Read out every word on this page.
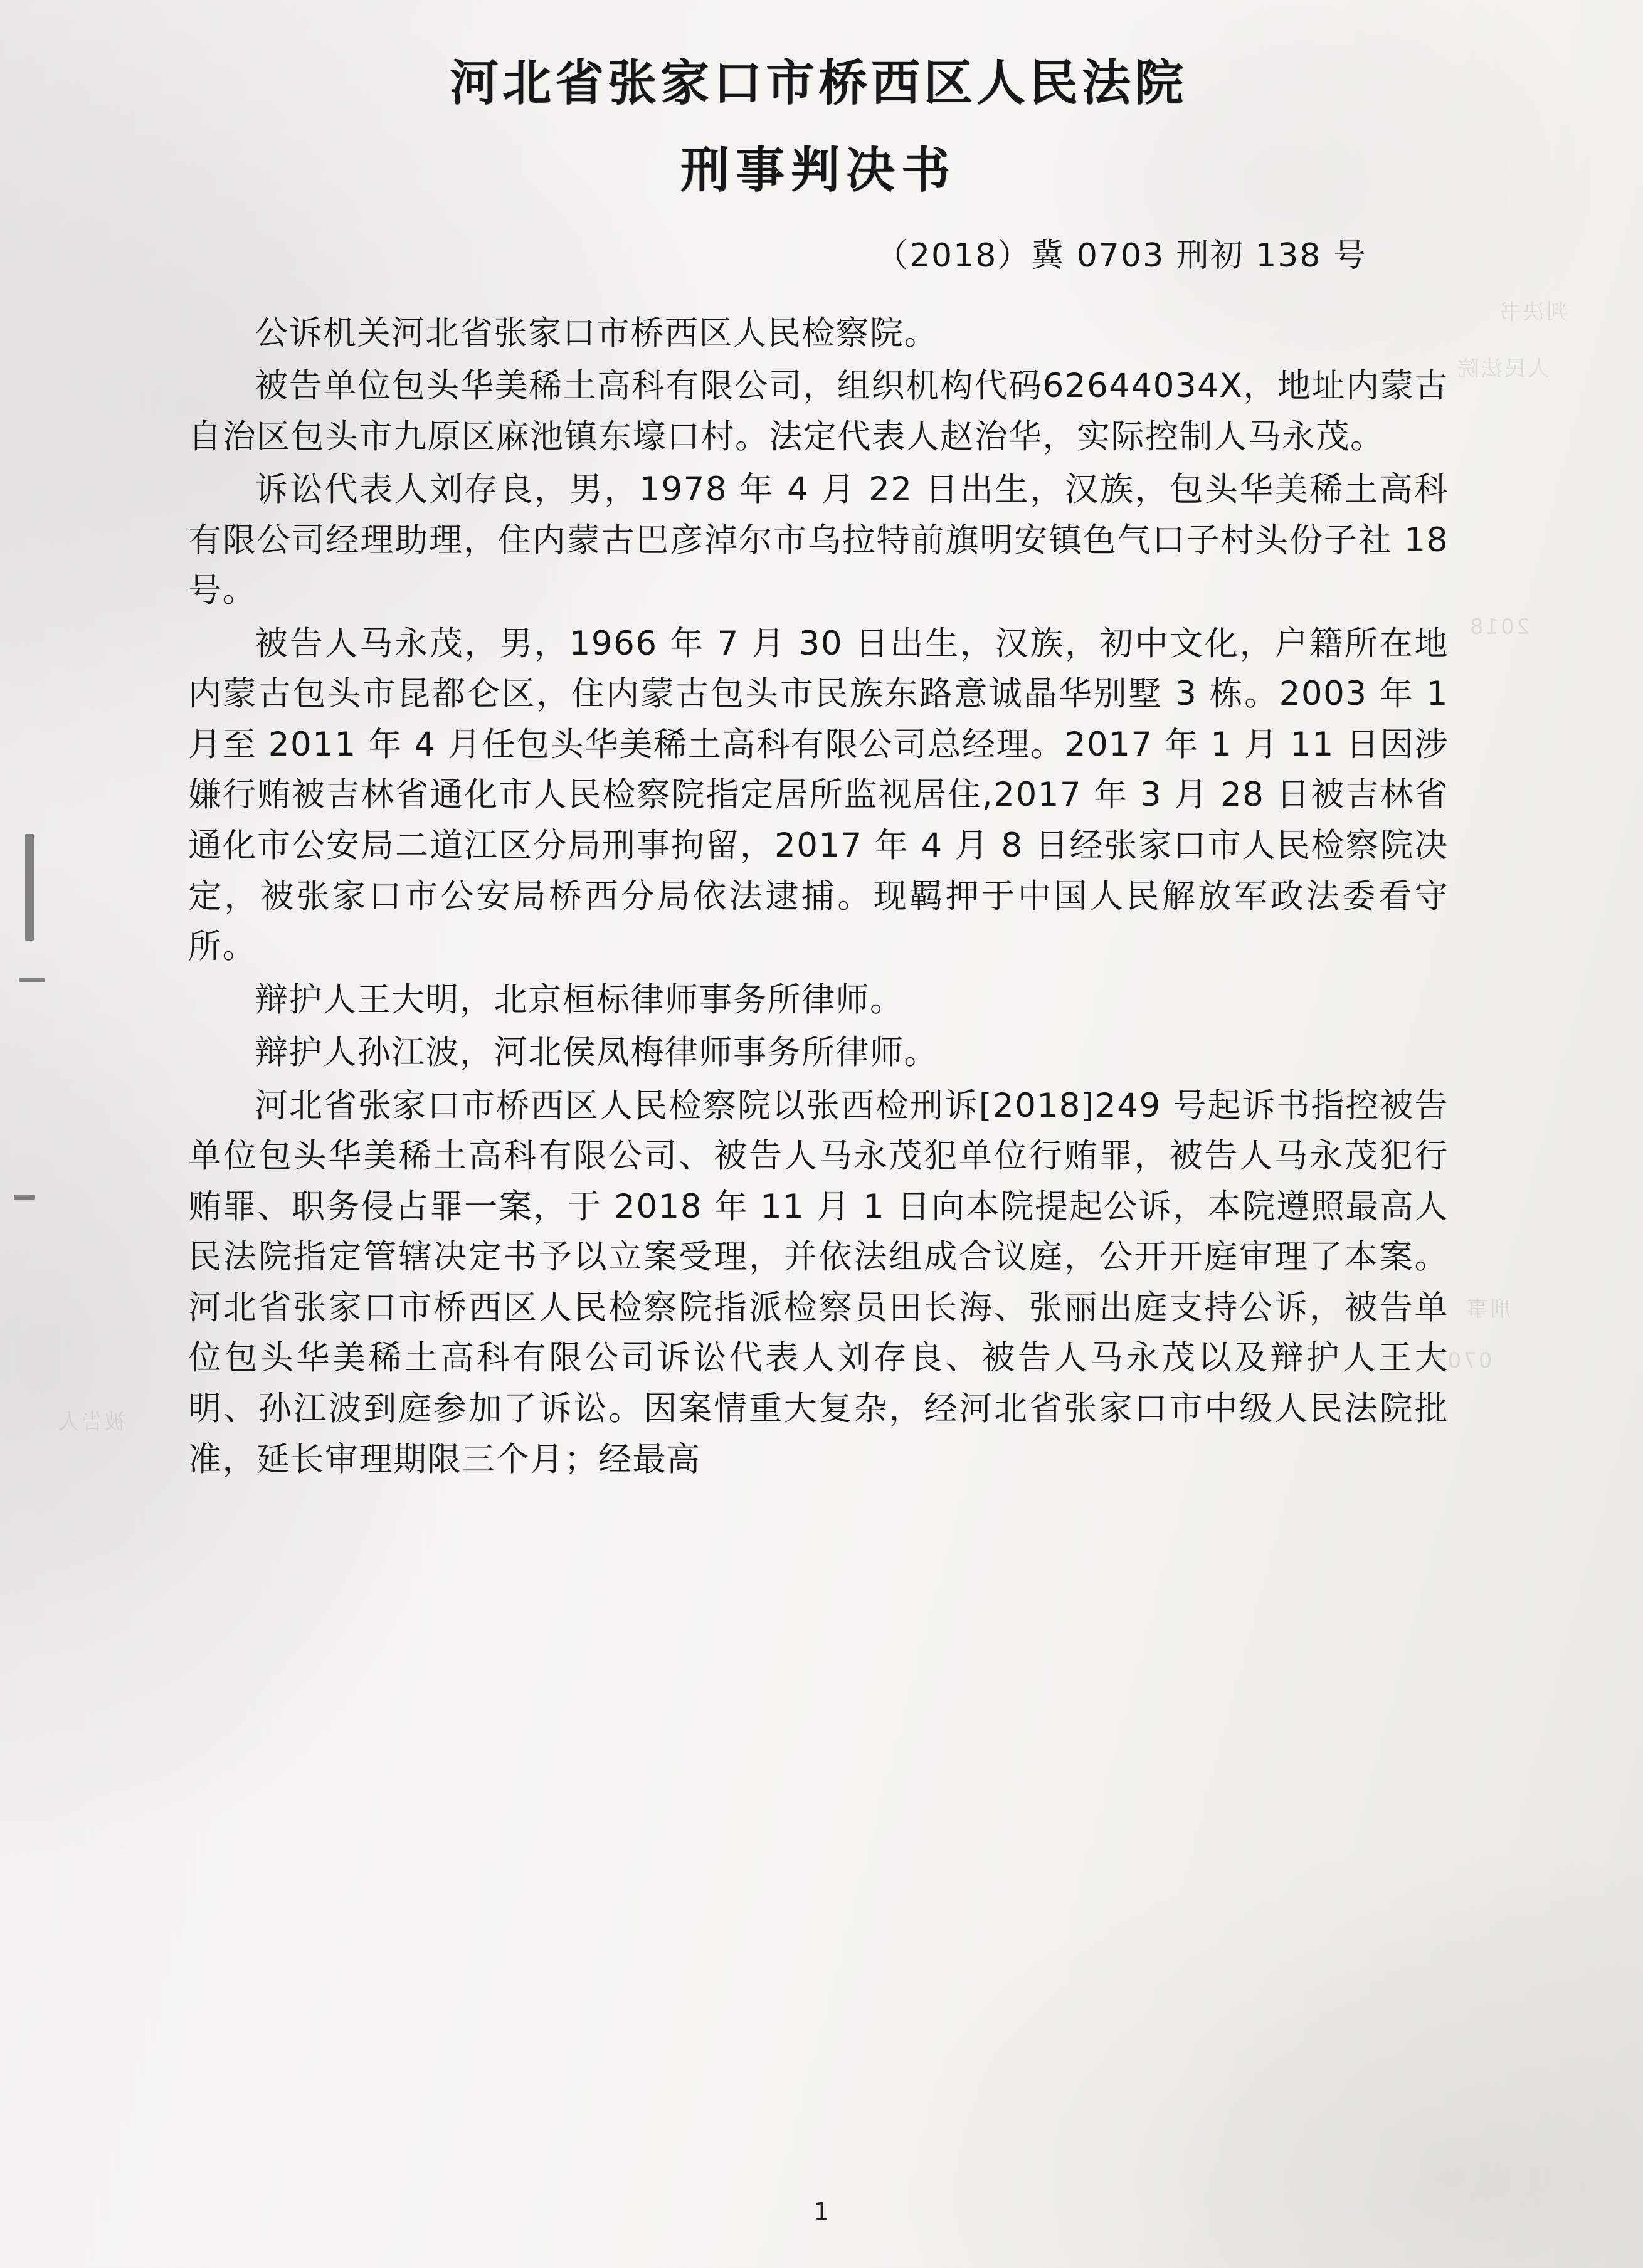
判决书
人民法院
2018
刑事
0703
被告人
河北省张家口市桥西区人民法院
刑事判决书
（2018）冀 0703 刑初 138 号

公诉机关河北省张家口市桥西区人民检察院。

被告单位包头华美稀土高科有限公司，组织机构代码62644034X，地址内蒙古自治区包头市九原区麻池镇东壕口村。法定代表人赵治华，实际控制人马永茂。

诉讼代表人刘存良，男，1978 年 4 月 22 日出生，汉族，包头华美稀土高科有限公司经理助理，住内蒙古巴彦淖尔市乌拉特前旗明安镇色气口子村头份子社 18 号。

被告人马永茂，男，1966 年 7 月 30 日出生，汉族，初中文化，户籍所在地内蒙古包头市昆都仑区，住内蒙古包头市民族东路意诚晶华别墅 3 栋。2003 年 1 月至 2011 年 4 月任包头华美稀土高科有限公司总经理。2017 年 1 月 11 日因涉嫌行贿被吉林省通化市人民检察院指定居所监视居住,2017 年 3 月 28 日被吉林省通化市公安局二道江区分局刑事拘留，2017 年 4 月 8 日经张家口市人民检察院决定，被张家口市公安局桥西分局依法逮捕。现羁押于中国人民解放军政法委看守所。

辩护人王大明，北京桓标律师事务所律师。

辩护人孙江波，河北侯凤梅律师事务所律师。

河北省张家口市桥西区人民检察院以张西检刑诉[2018]249 号起诉书指控被告单位包头华美稀土高科有限公司、被告人马永茂犯单位行贿罪，被告人马永茂犯行贿罪、职务侵占罪一案，于 2018 年 11 月 1 日向本院提起公诉，本院遵照最高人民法院指定管辖决定书予以立案受理，并依法组成合议庭，公开开庭审理了本案。河北省张家口市桥西区人民检察院指派检察员田长海、张丽出庭支持公诉，被告单位包头华美稀土高科有限公司诉讼代表人刘存良、被告人马永茂以及辩护人王大明、孙江波到庭参加了诉讼。因案情重大复杂，经河北省张家口市中级人民法院批准，延长审理期限三个月；经最高

1
